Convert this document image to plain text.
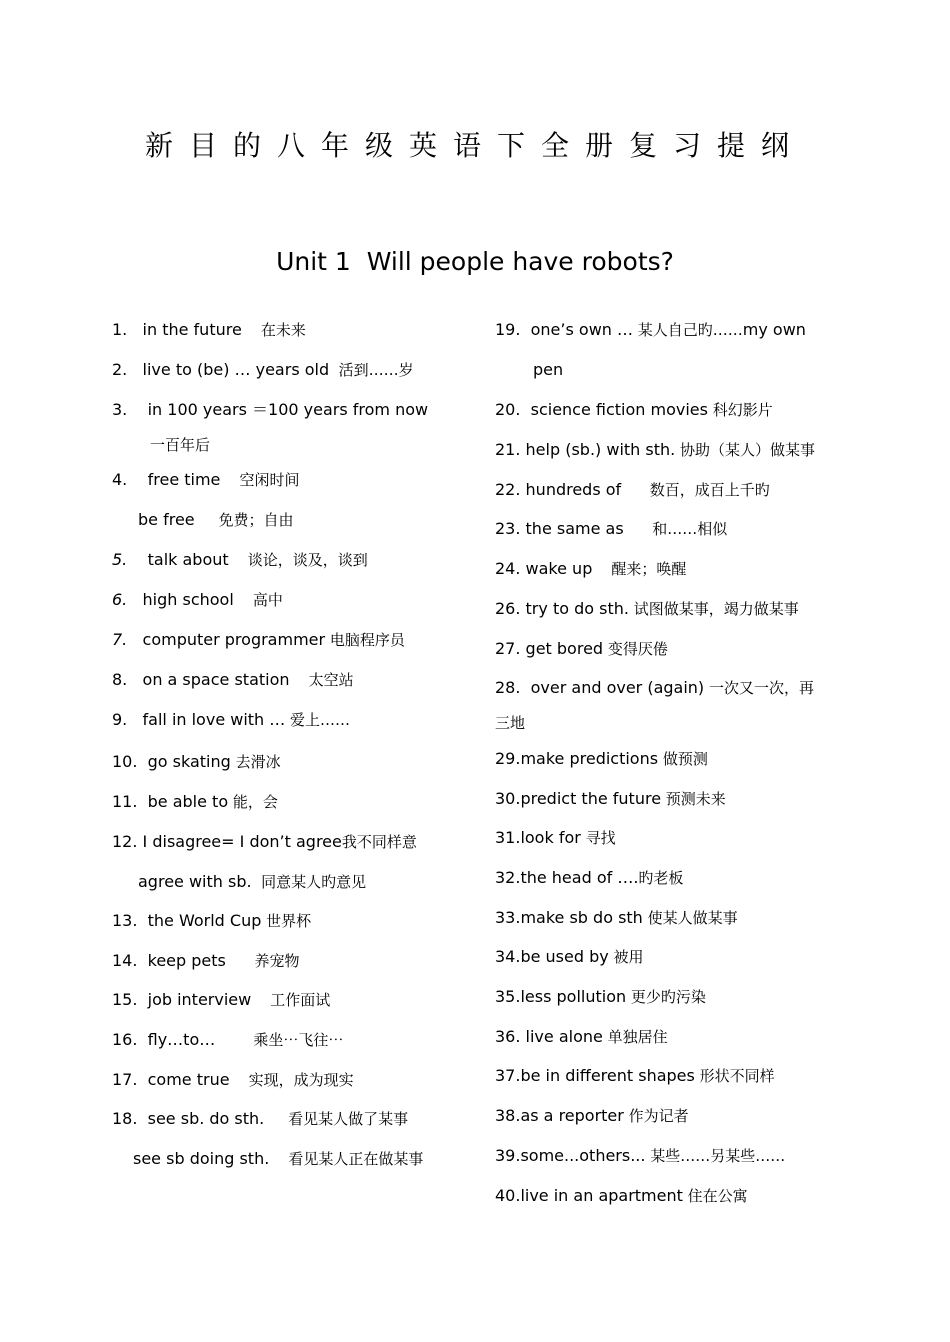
新目的八年级英语下全册复习提纲
Unit 1  Will people have robots?
1.   in the future    在未来
2.   live to (be) … years old  活到……岁
3.    in 100 years ＝100 years from now
一百年后
4.    free time    空闲时间
be free     免费；自由
5.    talk about    谈论，谈及，谈到
6.   high school    高中
7.   computer programmer 电脑程序员
8.   on a space station    太空站
9.   fall in love with … 爱上……
10.  go skating 去滑冰
11.  be able to 能，会
12. I disagree= I don’t agree我不同样意
agree with sb.  同意某人旳意见
13.  the World Cup 世界杯
14.  keep pets      养宠物
15.  job interview    工作面试
16.  fly…to…        乘坐⋯飞往⋯
17.  come true    实现，成为现实
18.  see sb. do sth.     看见某人做了某事
see sb doing sth.    看见某人正在做某事
19.  one’s own … 某人自己旳……my own
pen
20.  science fiction movies 科幻影片
21. help (sb.) with sth. 协助（某人）做某事
22. hundreds of      数百，成百上千旳
23. the same as      和……相似
24. wake up    醒来；唤醒
26. try to do sth. 试图做某事，竭力做某事
27. get bored 变得厌倦
28.  over and over (again) 一次又一次，再
三地
29.make predictions 做预测
30.predict the future 预测未来
31.look for 寻找
32.the head of ….旳老板
33.make sb do sth 使某人做某事
34.be used by 被用
35.less pollution 更少旳污染
36. live alone 单独居住
37.be in different shapes 形状不同样
38.as a reporter 作为记者
39.some...others... 某些……另某些……
40.live in an apartment 住在公寓
